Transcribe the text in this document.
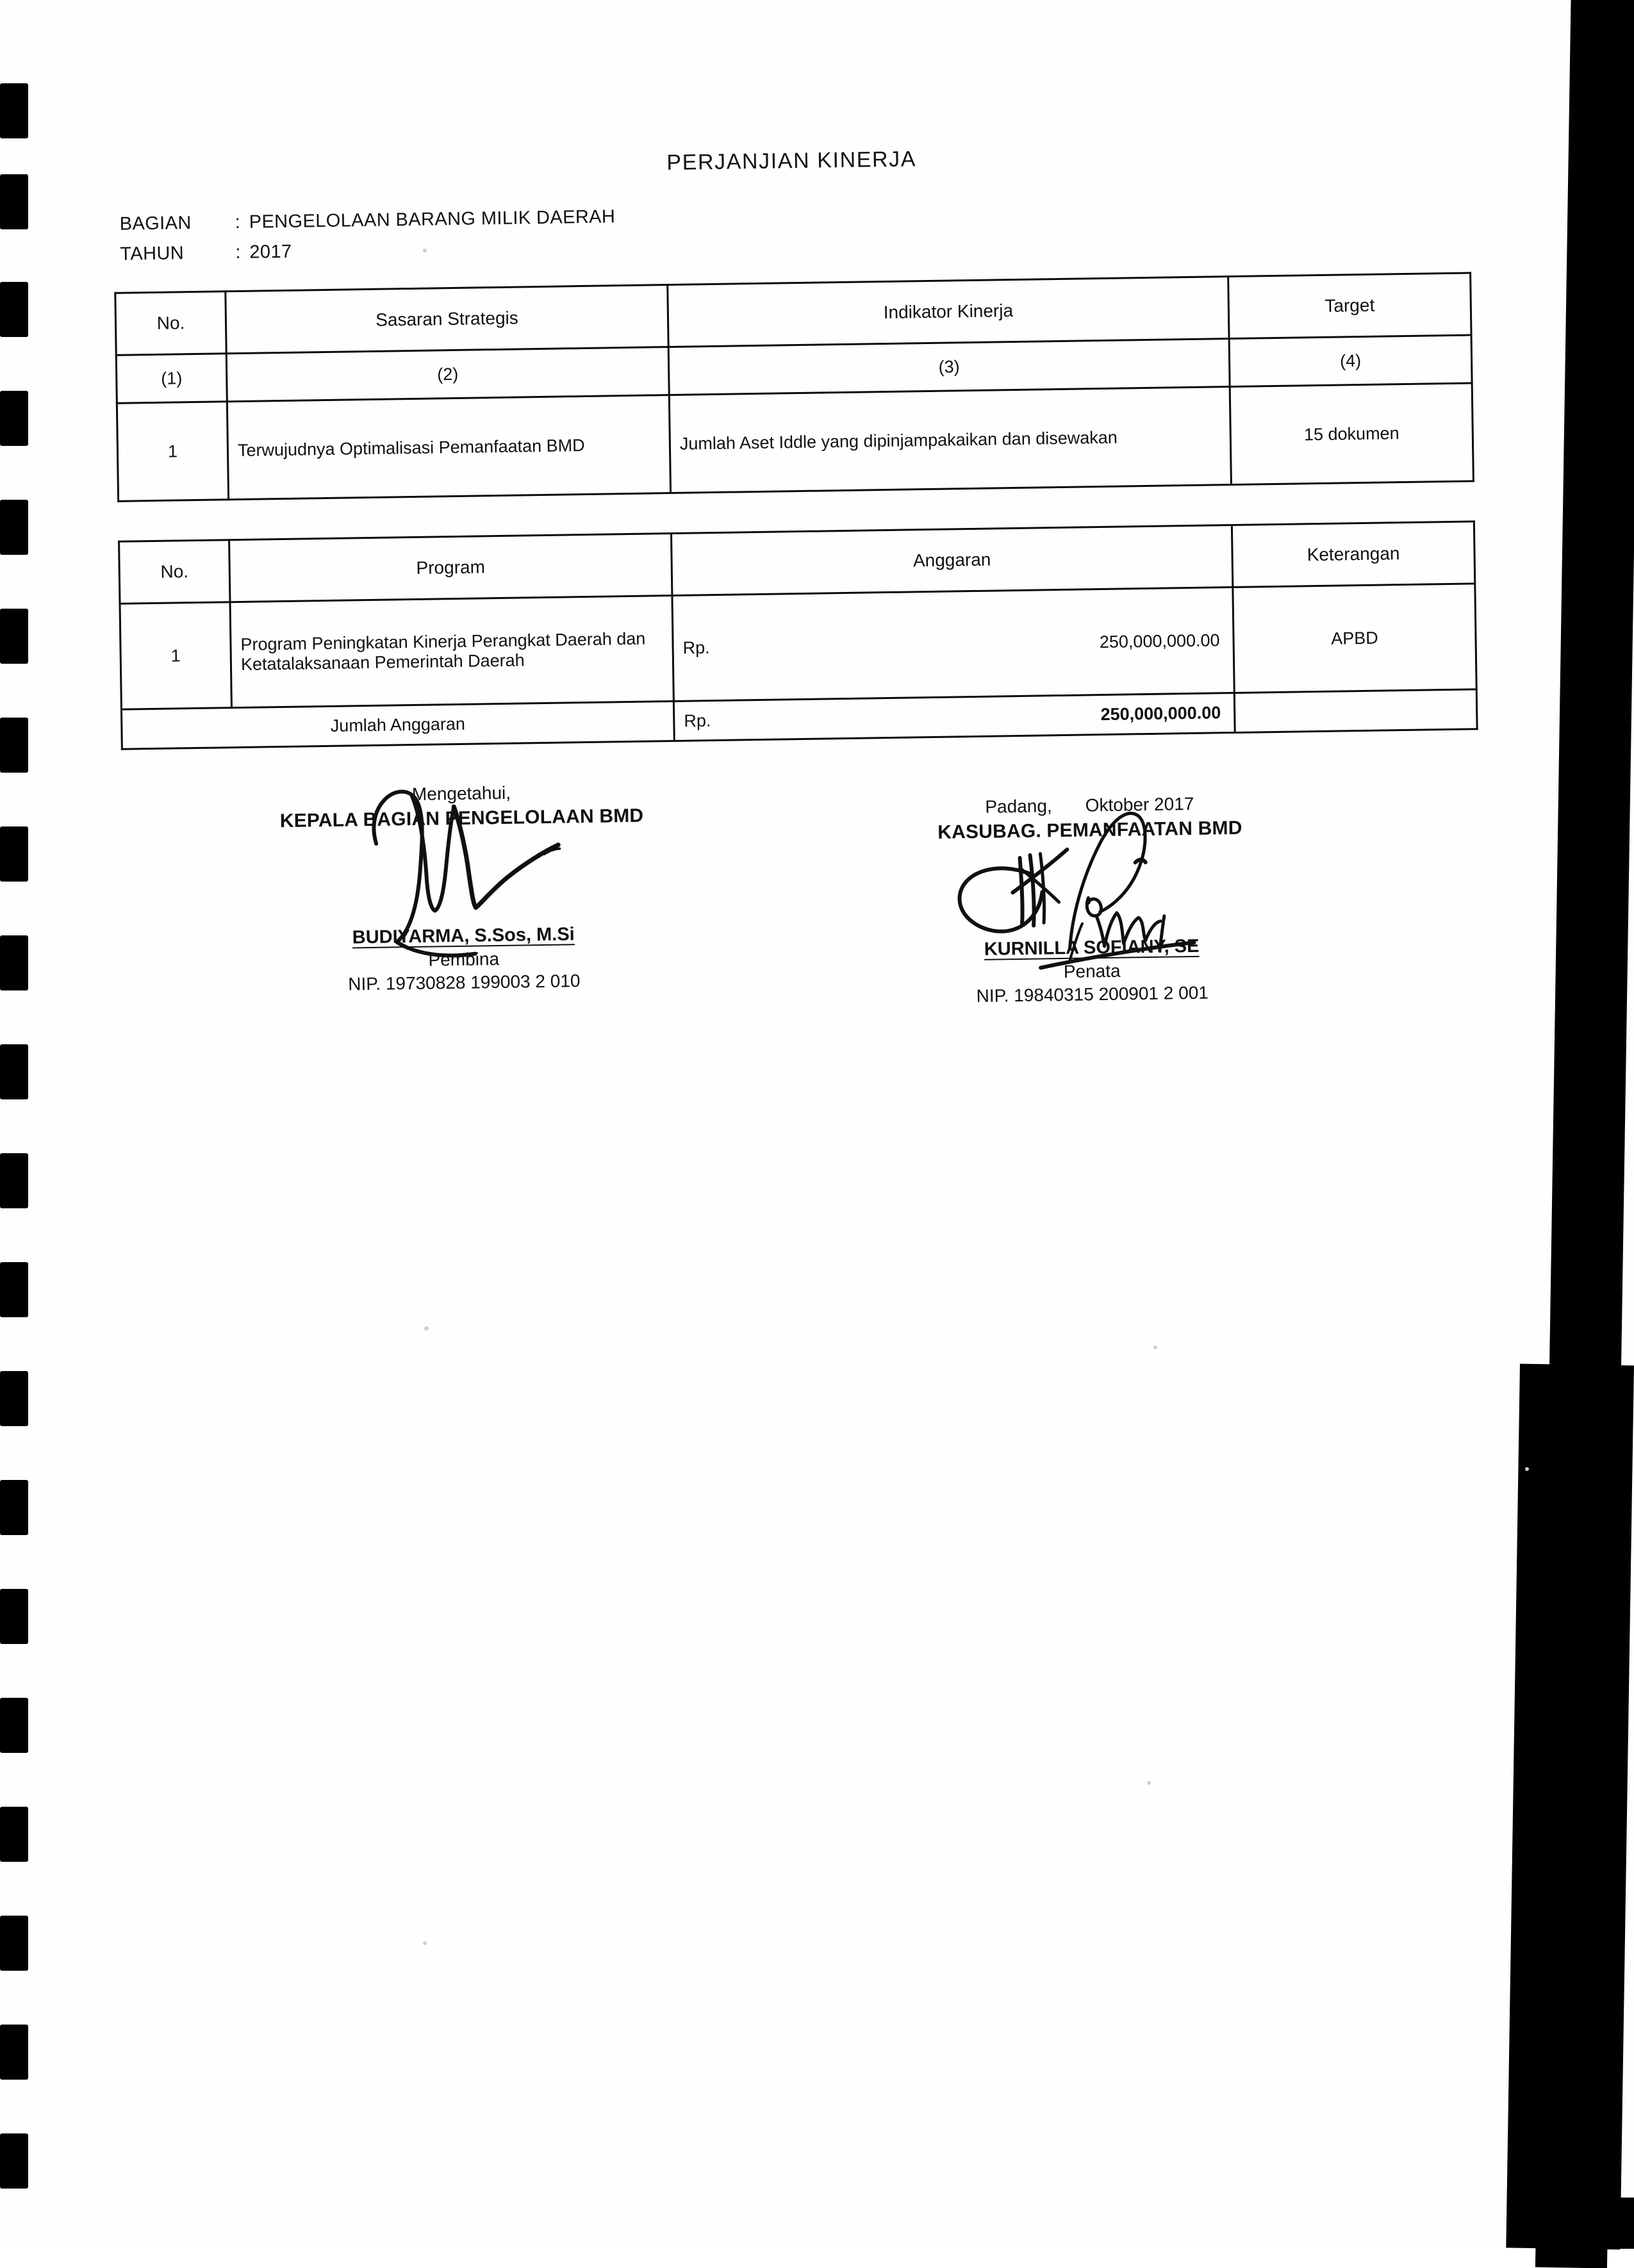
PERJANJIAN KINERJA
BAGIAN : PENGELOLAAN BARANG MILIK DAERAH
TAHUN	: 2017
No.	Sasaran Strategis	Indikator Kinerja	Target
(1)	(2)	(3)	(4)
1	Terwujudnya Optimalisasi Pemanfaatan BMD	Jumlah Aset Iddle yang dipinjampakaikan dan disewakan	15 dokumen
No.	Program	Anggaran	Keterangan
1	Program Peningkatan Kinerja Perangkat Daerah dan Ketatalaksanaan Pemerintah Daerah	Rp. 250,000,000.00	APBD
Jumlah Anggaran		Rp. 250,000,000.00	

Mengetahui,
KEPALA BAGIAN PENGELOLAAN BMD
BUDIYARMA, S.Sos, M.Si
Pembina
NIP. 19730828 199003 2 010
Padang, Oktober 2017
KASUBAG. PEMANFAATAN BMD
KURNILLA SOFIANY, SE
Penata
NIP. 19840315 200901 2 001
